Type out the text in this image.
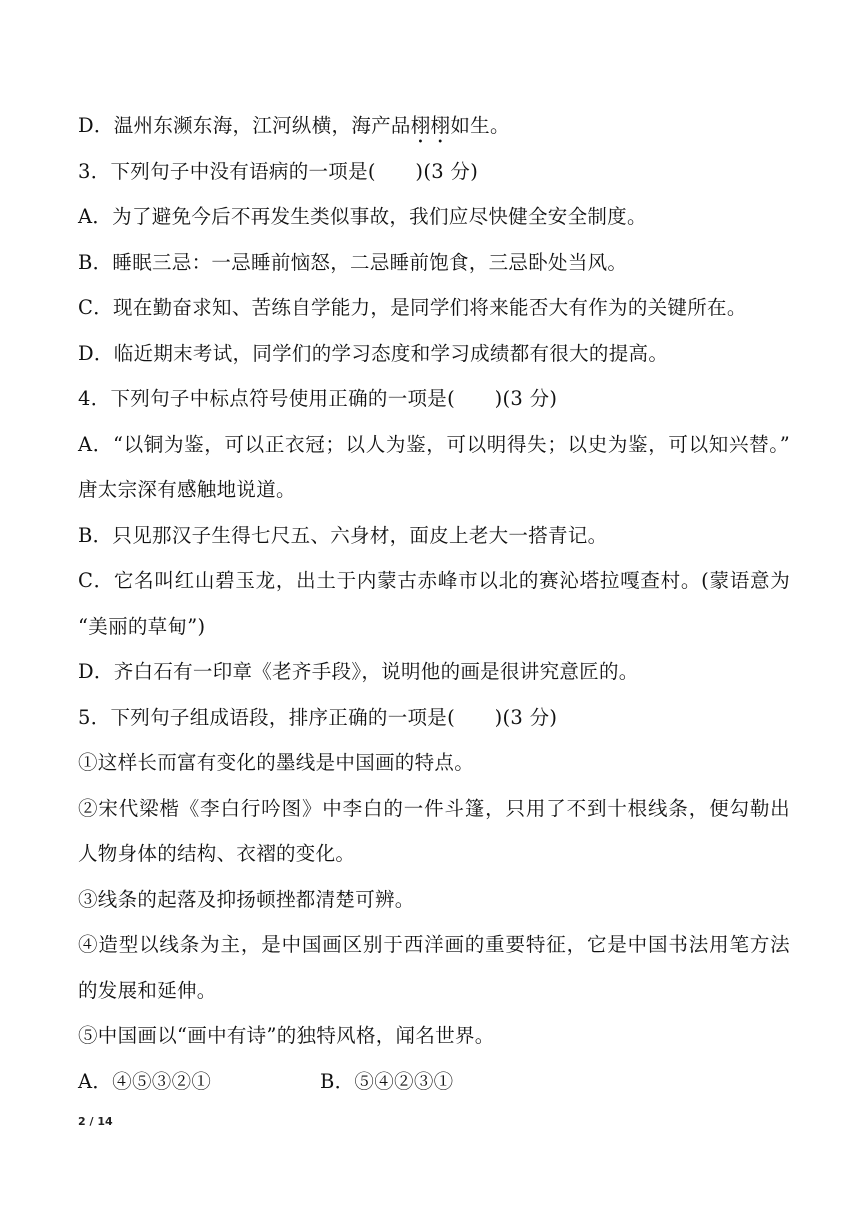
D．温州东濒东海，江河纵横，海产品栩栩如生。
3．下列句子中没有语病的一项是(　　)(3 分)
A．为了避免今后不再发生类似事故，我们应尽快健全安全制度。
B．睡眠三忌：一忌睡前恼怒，二忌睡前饱食，三忌卧处当风。
C．现在勤奋求知、苦练自学能力，是同学们将来能否大有作为的关键所在。
D．临近期末考试，同学们的学习态度和学习成绩都有很大的提高。
4．下列句子中标点符号使用正确的一项是(　　)(3 分)
A．“以铜为鉴，可以正衣冠；以人为鉴，可以明得失；以史为鉴，可以知兴替。”
唐太宗深有感触地说道。
B．只见那汉子生得七尺五、六身材，面皮上老大一搭青记。
C．它名叫红山碧玉龙，出土于内蒙古赤峰市以北的赛沁塔拉嘎查村。(蒙语意为
“美丽的草甸”)
D．齐白石有一印章《老齐手段》，说明他的画是很讲究意匠的。
5．下列句子组成语段，排序正确的一项是(　　)(3 分)
①这样长而富有变化的墨线是中国画的特点。
②宋代梁楷《李白行吟图》中李白的一件斗篷，只用了不到十根线条，便勾勒出
人物身体的结构、衣褶的变化。
③线条的起落及抑扬顿挫都清楚可辨。
④造型以线条为主，是中国画区别于西洋画的重要特征，它是中国书法用笔方法
的发展和延伸。
⑤中国画以“画中有诗”的独特风格，闻名世界。
A．④⑤③②①	B．⑤④②③①
2 / 14
